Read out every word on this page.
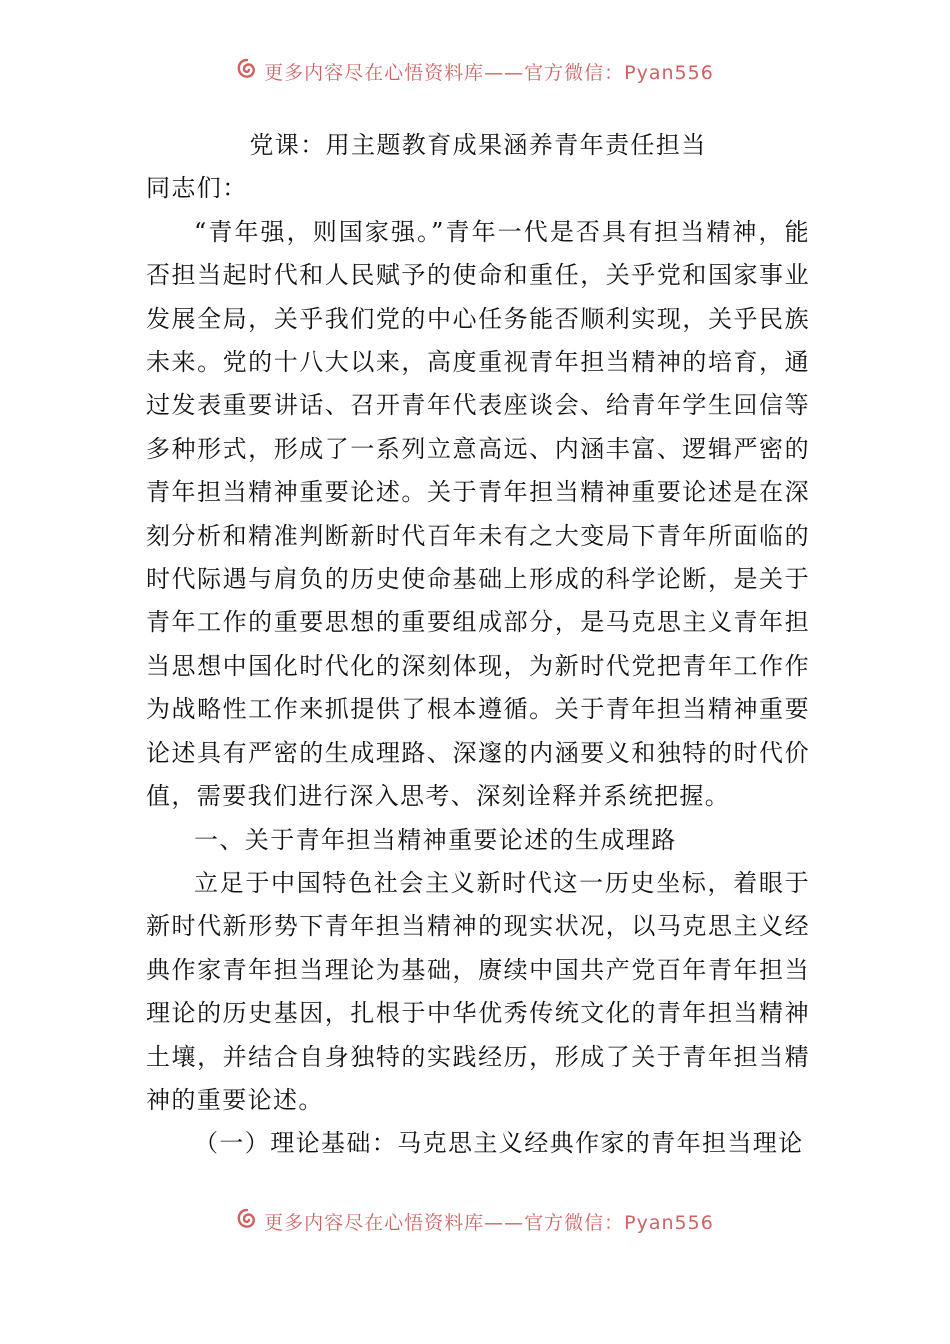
更多内容尽在心悟资料库——官方微信：Pyan556
党课：用主题教育成果涵养青年责任担当

同志们：

“青年强，则国家强。”青年一代是否具有担当精神，能否担当起时代和人民赋予的使命和重任，关乎党和国家事业发展全局，关乎我们党的中心任务能否顺利实现，关乎民族未来。党的十八大以来，高度重视青年担当精神的培育，通过发表重要讲话、召开青年代表座谈会、给青年学生回信等多种形式，形成了一系列立意高远、内涵丰富、逻辑严密的青年担当精神重要论述。关于青年担当精神重要论述是在深刻分析和精准判断新时代百年未有之大变局下青年所面临的时代际遇与肩负的历史使命基础上形成的科学论断，是关于青年工作的重要思想的重要组成部分，是马克思主义青年担当思想中国化时代化的深刻体现，为新时代党把青年工作作为战略性工作来抓提供了根本遵循。关于青年担当精神重要论述具有严密的生成理路、深邃的内涵要义和独特的时代价值，需要我们进行深入思考、深刻诠释并系统把握。

一、关于青年担当精神重要论述的生成理路

立足于中国特色社会主义新时代这一历史坐标，着眼于新时代新形势下青年担当精神的现实状况，以马克思主义经典作家青年担当理论为基础，赓续中国共产党百年青年担当理论的历史基因，扎根于中华优秀传统文化的青年担当精神土壤，并结合自身独特的实践经历，形成了关于青年担当精神的重要论述。

（一）理论基础：马克思主义经典作家的青年担当理论

更多内容尽在心悟资料库——官方微信：Pyan556
